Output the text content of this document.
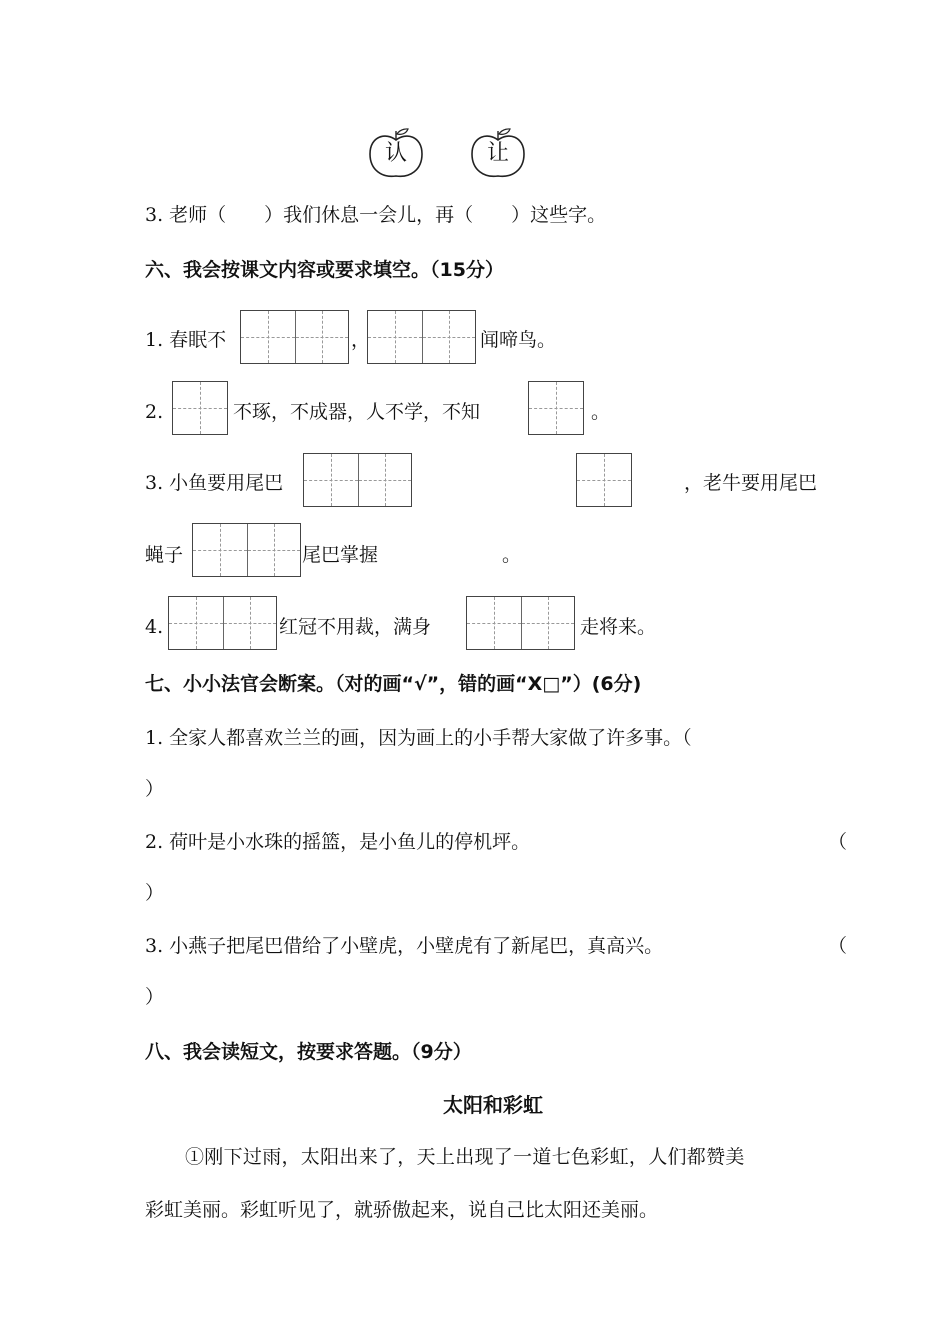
认	让
3. 老师（　　）我们休息一会儿，再（　　）这些字。
六、我会按课文内容或要求填空。（15分）
1. 春眠不	，	闻啼鸟。
2.	不琢，不成器，人不学，不知	。
3. 小鱼要用尾巴	，老牛要用尾巴
蝇子	尾巴掌握	。
4.	红冠不用裁，满身	走将来。
七、小小法官会断案。（对的画“√”，错的画“X□”）(6分)
1. 全家人都喜欢兰兰的画，因为画上的小手帮大家做了许多事。（
）
2. 荷叶是小水珠的摇篮，是小鱼儿的停机坪。	（
）
3. 小燕子把尾巴借给了小壁虎，小壁虎有了新尾巴，真高兴。	（
）
八、我会读短文，按要求答题。（9分）
太阳和彩虹
①刚下过雨，太阳出来了，天上出现了一道七色彩虹，人们都赞美
彩虹美丽。彩虹听见了，就骄傲起来，说自己比太阳还美丽。
